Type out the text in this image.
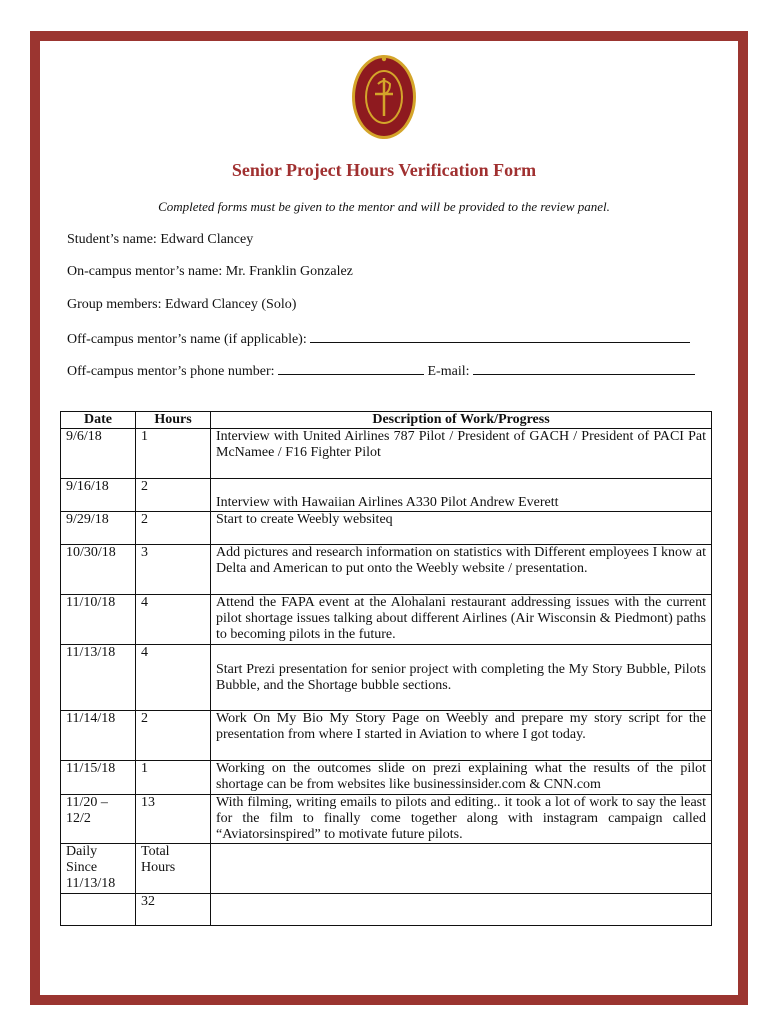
Senior Project Hours Verification Form
Completed forms must be given to the mentor and will be provided to the review panel.
Student’s name: Edward Clancey
On-campus mentor’s name: Mr. Franklin Gonzalez
Group members: Edward Clancey (Solo)
Off-campus mentor’s name (if applicable):
Off-campus mentor’s phone number:	E-mail:
Date	Hours	Description of Work/Progress
9/6/18	1	Interview with United Airlines 787 Pilot / President of GACH / President of PACI Pat McNamee / F16 Fighter Pilot
9/16/18	2	Interview with Hawaiian Airlines A330 Pilot Andrew Everett
9/29/18	2	Start to create Weebly websiteq
10/30/18	3	Add pictures and research information on statistics with Different employees I know at Delta and American to put onto the Weebly website / presentation.
11/10/18	4	Attend the FAPA event at the Alohalani restaurant addressing issues with the current pilot shortage issues talking about different Airlines (Air Wisconsin & Piedmont) paths to becoming pilots in the future.
11/13/18	4	Start Prezi presentation for senior project with completing the My Story Bubble, Pilots Bubble, and the Shortage bubble sections.
11/14/18	2	Work On My Bio My Story Page on Weebly and prepare my story script for the presentation from where I started in Aviation to where I got today.
11/15/18	1	Working on the outcomes slide on prezi explaining what the results of the pilot shortage can be from websites like businessinsider.com & CNN.com
11/20 – 12/2	13	With filming, writing emails to pilots and editing.. it took a lot of work to say the least for the film to finally come together along with instagram campaign called “Aviatorsinspired” to motivate future pilots.
Daily Since 11/13/18	Total Hours	
	32	
